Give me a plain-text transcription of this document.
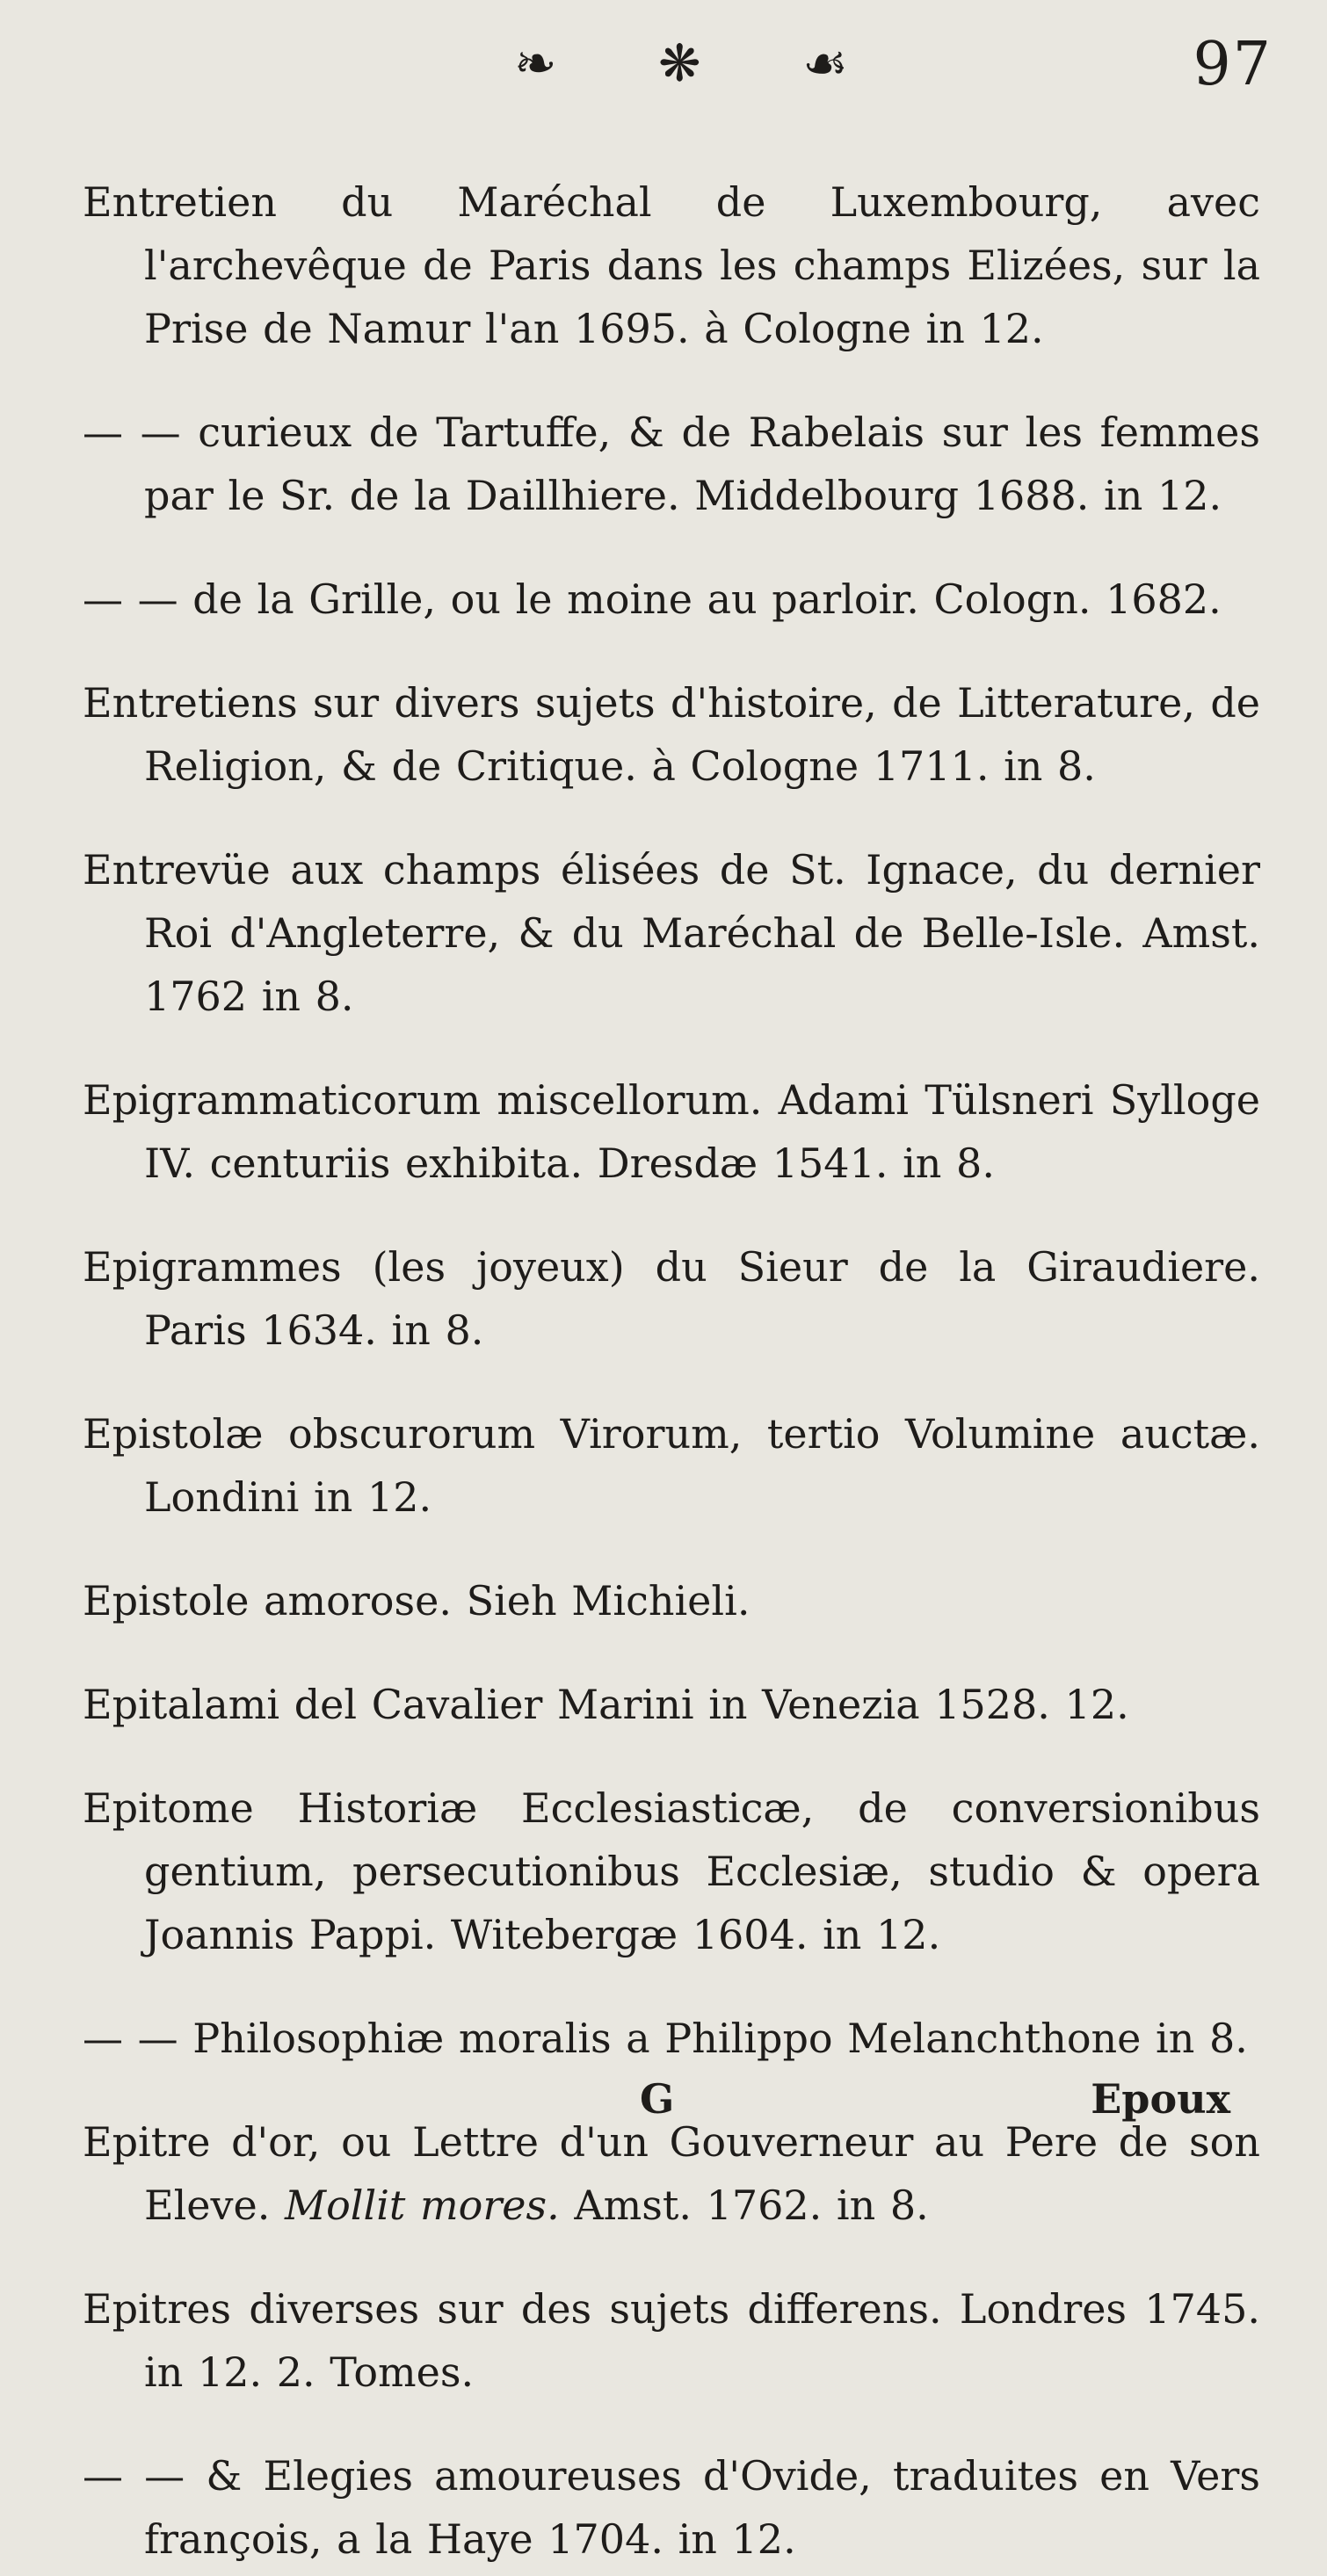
❧ ❋ ☙	97

Entretien du Maréchal de Luxembourg, avec l'archevêque de Paris dans les champs Elizées, sur la Prise de Namur l'an 1695. à Cologne in 12.

— — curieux de Tartuffe, & de Rabelais sur les femmes par le Sr. de la Daillhiere. Middelbourg 1688. in 12.

— — de la Grille, ou le moine au parloir. Cologn. 1682.

Entretiens sur divers sujets d'histoire, de Litterature, de Religion, & de Critique. à Cologne 1711. in 8.

Entrevüe aux champs élisées de St. Ignace, du dernier Roi d'Angleterre, & du Maréchal de Belle-Isle. Amst. 1762 in 8.

Epigrammaticorum miscellorum. Adami Tülsneri Sylloge IV. centuriis exhibita. Dresdæ 1541. in 8.

Epigrammes (les joyeux) du Sieur de la Giraudiere. Paris 1634. in 8.

Epistolæ obscurorum Virorum, tertio Volumine auctæ. Londini in 12.

Epistole amorose. Sieh Michieli.

Epitalami del Cavalier Marini in Venezia 1528. 12.

Epitome Historiæ Ecclesiasticæ, de conversionibus gentium, persecutionibus Ecclesiæ, studio & opera Joannis Pappi. Witebergæ 1604. in 12.

— — Philosophiæ moralis a Philippo Melanchthone in 8.

Epitre d'or, ou Lettre d'un Gouverneur au Pere de son Eleve. Mollit mores. Amst. 1762. in 8.

Epitres diverses sur des sujets differens. Londres 1745. in 12. 2. Tomes.

— — & Elegies amoureuses d'Ovide, traduites en Vers françois, a la Haye 1704. in 12.

G	Epoux
